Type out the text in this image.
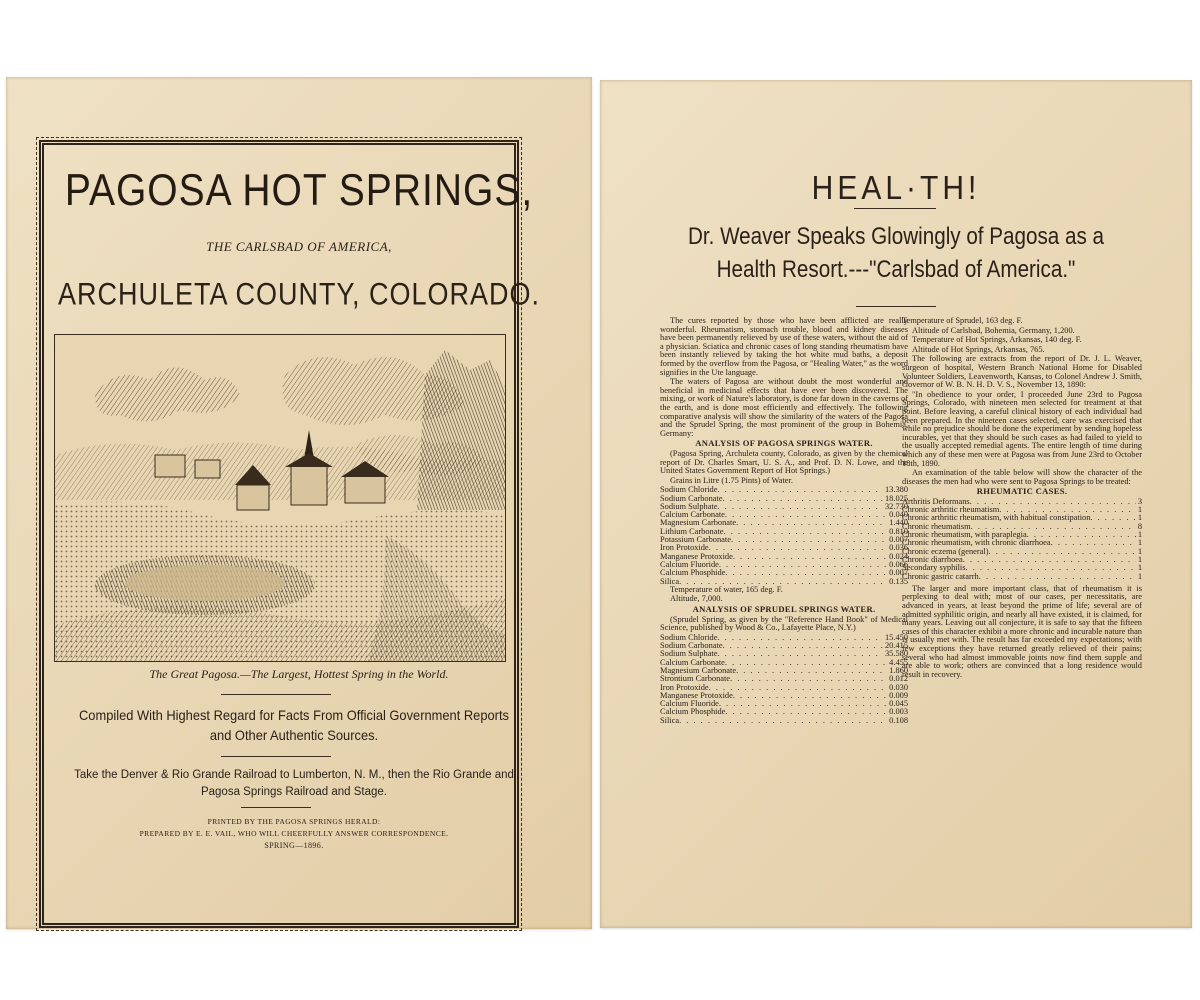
PAGOSA HOT SPRINGS,
THE CARLSBAD OF AMERICA,
ARCHULETA COUNTY, COLORADO.
The Great Pagosa.—The Largest, Hottest Spring in the World.
Compiled With Highest Regard for Facts From Official Government Reports and Other Authentic Sources.
Take the Denver & Rio Grande Railroad to Lumberton, N. M., then the Rio Grande and Pagosa Springs Railroad and Stage.
PRINTED BY THE PAGOSA SPRINGS HERALD:
PREPARED BY E. E. VAIL, WHO WILL CHEERFULLY ANSWER CORRESPONDENCE.
SPRING—1896.
HEAL·TH!
Dr. Weaver Speaks Glowingly of Pagosa as a Health Resort.---"Carlsbad of America."

The cures reported by those who have been afflicted are really wonderful. Rheumatism, stomach trouble, blood and kidney diseases have been permanently relieved by use of these waters, without the aid of a physician. Sciatica and chronic cases of long standing rheumatism have been instantly relieved by taking the hot white mud baths, a deposit formed by the overflow from the Pagosa, or "Healing Water," as the word signifies in the Ute language.

The waters of Pagosa are without doubt the most wonderful and beneficial in medicinal effects that have ever been discovered. The mixing, or work of Nature's laboratory, is done far down in the caverns of the earth, and is done most efficiently and effectively. The following comparative analysis will show the similarity of the waters of the Pagosa and the Sprudel Spring, the most prominent of the group in Bohemia, Germany:

ANALYSIS OF PAGOSA SPRINGS WATER.

(Pagosa Spring, Archuleta county, Colorado, as given by the chemical report of Dr. Charles Smart, U. S. A., and Prof. D. N. Lowe, and the United States Government Report of Hot Springs.)

Grains in Litre (1.75 Pints) of Water.

Sodium Chloride . . .	13.380
Sodium Carbonate . . .	18.025
Sodium Sulphate . . .	32.730
Calcium Carbonate . . .	0.040
Magnesium Carbonate . . .	1.440
Lithium Carbonate . . .	0.810
Potassium Carbonate . . .	0.007
Iron Protoxide . . .	0.036
Manganese Protoxide . . .	0.024
Calcium Fluoride . . .	0.066
Calcium Phosphide . . .	0.007
Silica . . .	0.135

Temperature of water, 165 deg. F.

Altitude, 7,000.

ANALYSIS OF SPRUDEL SPRINGS WATER.

(Sprudel Spring, as given by the "Reference Hand Book" of Medical Science, published by Wood & Co., Lafayette Place, N.Y.)

Sodium Chloride . . .	15.450
Sodium Carbonate . . .	20.415
Sodium Sulphate . . .	35.580
Calcium Carbonate . . .	4.455
Magnesium Carbonate . . .	1.860
Strontium Carbonate . . .	0.012
Iron Protoxide . . .	0.030
Manganese Protoxide . . .	0.009
Calcium Fluoride . . .	0.045
Calcium Phosphide . . .	0.003
Silica . . .	0.108

Temperature of Sprudel, 163 deg. F.

Altitude of Carlsbad, Bohemia, Germany, 1,200.

Temperature of Hot Springs, Arkansas, 140 deg. F.

Altitude of Hot Springs, Arkansas, 765.

The following are extracts from the report of Dr. J. L. Weaver, surgeon of hospital, Western Branch National Home for Disabled Volunteer Soldiers, Leavenworth, Kansas, to Colonel Andrew J. Smith, Governor of W. B. N. H. D. V. S., November 13, 1890:

"In obedience to your order, I proceeded June 23rd to Pagosa Springs, Colorado, with nineteen men selected for treatment at that point. Before leaving, a careful clinical history of each individual had been prepared. In the nineteen cases selected, care was exercised that while no prejudice should be done the experiment by sending hopeless incurables, yet that they should be such cases as had failed to yield to the usually accepted remedial agents. The entire length of time during which any of these men were at Pagosa was from June 23rd to October 18th, 1890.

An examination of the table below will show the character of the diseases the men had who were sent to Pagosa Springs to be treated:

RHEUMATIC CASES.
Arthritis Deformans . . .	3
Chronic arthritic rheumatism . . .	1
Chronic arthritic rheumatism, with habitual constipation . . .	1
Chronic rheumatism . . .	8
Chronic rheumatism, with paraplegia . . .	1
Chronic rheumatism, with chronic diarrhoea . . .	1
Chronic eczema (general) . . .	1
Chronic diarrhoea . . .	1
Secondary syphilis . . .	1
Chronic gastric catarrh . . .	1

The larger and more important class, that of rheumatism it is perplexing to deal with; most of our cases, per necessitatis, are advanced in years, at least beyond the prime of life; several are of admitted syphilitic origin, and nearly all have existed, it is claimed, for many years. Leaving out all conjecture, it is safe to say that the fifteen cases of this character exhibit a more chronic and incurable nature than is usually met with. The result has far exceeded my expectations; with few exceptions they have returned greatly relieved of their pains; several who had almost immovable joints now find them supple and are able to work; others are convinced that a long residence would result in recovery.
